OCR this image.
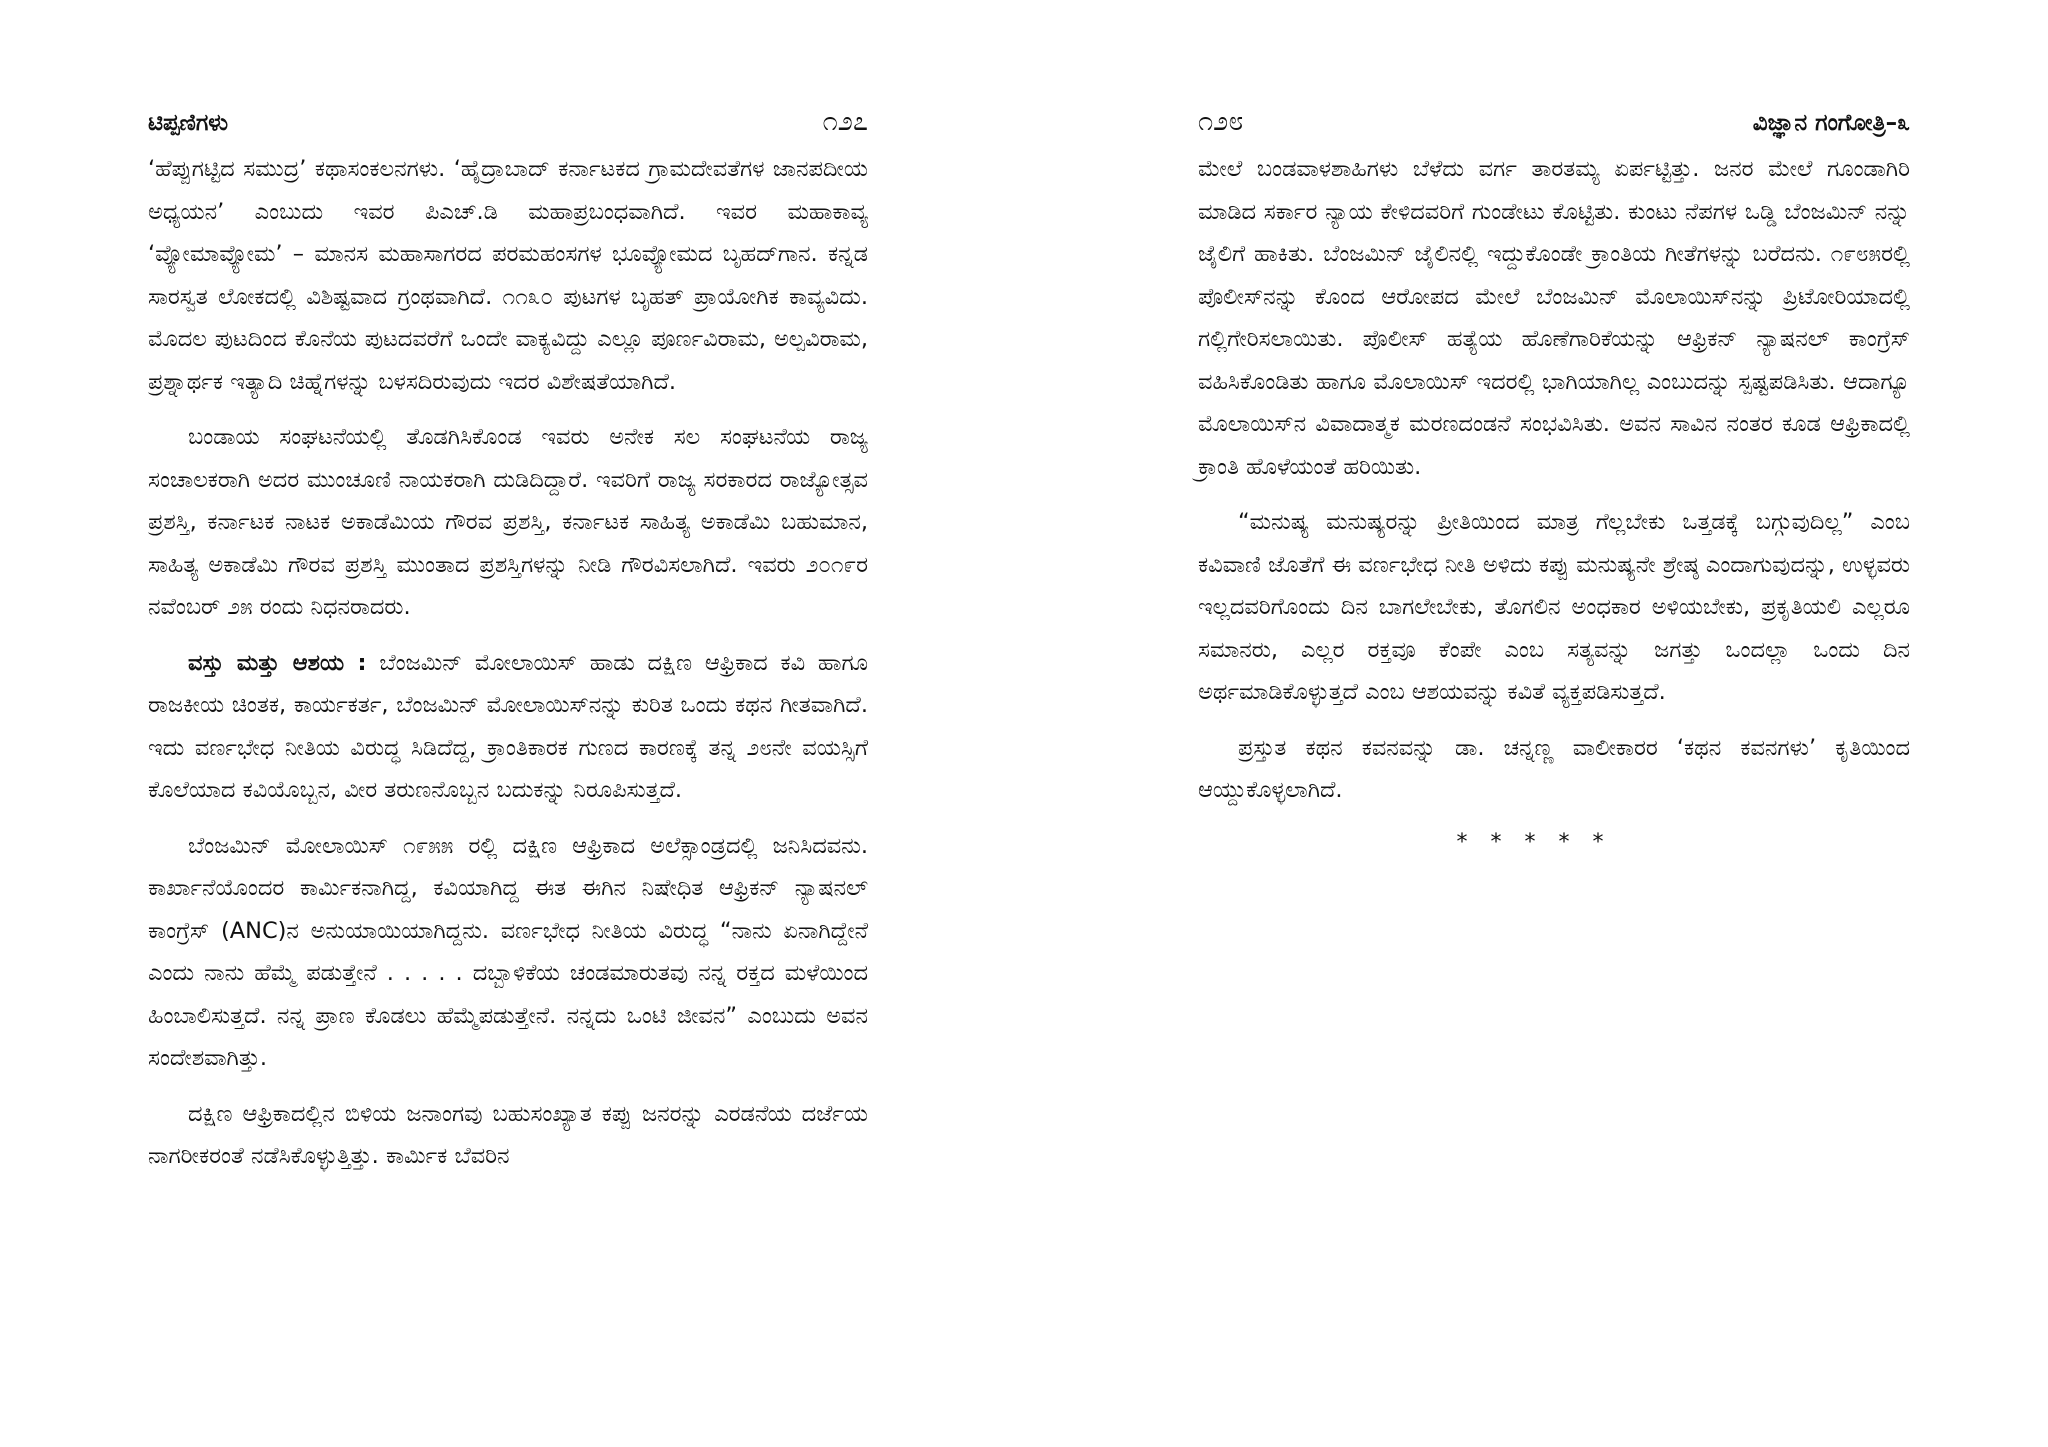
ಟಿಪ್ಪಣಿಗಳು	೧೨೭

‘ಹೆಪ್ಪುಗಟ್ಟಿದ ಸಮುದ್ರ’ ಕಥಾಸಂಕಲನಗಳು. ‘ಹೈದ್ರಾಬಾದ್ ಕರ್ನಾಟಕದ ಗ್ರಾಮದೇವತೆಗಳ ಜಾನಪದೀಯ ಅಧ್ಯಯನ’ ಎಂಬುದು ಇವರ ಪಿಎಚ್.ಡಿ ಮಹಾಪ್ರಬಂಧವಾಗಿದೆ. ಇವರ ಮಹಾಕಾವ್ಯ ‘ವ್ಯೋಮಾವ್ಯೋಮ’ – ಮಾನಸ ಮಹಾಸಾಗರದ ಪರಮಹಂಸಗಳ ಭೂವ್ಯೋಮದ ಬೃಹದ್‌ಗಾನ. ಕನ್ನಡ ಸಾರಸ್ವತ ಲೋಕದಲ್ಲಿ ವಿಶಿಷ್ಟವಾದ ಗ್ರಂಥವಾಗಿದೆ. ೧೧೩೦ ಪುಟಗಳ ಬೃಹತ್ ಪ್ರಾಯೋಗಿಕ ಕಾವ್ಯವಿದು. ಮೊದಲ ಪುಟದಿಂದ ಕೊನೆಯ ಪುಟದವರೆಗೆ ಒಂದೇ ವಾಕ್ಯವಿದ್ದು ಎಲ್ಲೂ ಪೂರ್ಣವಿರಾಮ, ಅಲ್ಪವಿರಾಮ, ಪ್ರಶ್ನಾರ್ಥಕ ಇತ್ಯಾದಿ ಚಿಹ್ನೆಗಳನ್ನು ಬಳಸದಿರುವುದು ಇದರ ವಿಶೇಷತೆಯಾಗಿದೆ.

ಬಂಡಾಯ ಸಂಘಟನೆಯಲ್ಲಿ ತೊಡಗಿಸಿಕೊಂಡ ಇವರು ಅನೇಕ ಸಲ ಸಂಘಟನೆಯ ರಾಜ್ಯ ಸಂಚಾಲಕರಾಗಿ ಅದರ ಮುಂಚೂಣಿ ನಾಯಕರಾಗಿ ದುಡಿದಿದ್ದಾರೆ. ಇವರಿಗೆ ರಾಜ್ಯ ಸರಕಾರದ ರಾಜ್ಯೋತ್ಸವ ಪ್ರಶಸ್ತಿ, ಕರ್ನಾಟಕ ನಾಟಕ ಅಕಾಡೆಮಿಯ ಗೌರವ ಪ್ರಶಸ್ತಿ, ಕರ್ನಾಟಕ ಸಾಹಿತ್ಯ ಅಕಾಡೆಮಿ ಬಹುಮಾನ, ಸಾಹಿತ್ಯ ಅಕಾಡೆಮಿ ಗೌರವ ಪ್ರಶಸ್ತಿ ಮುಂತಾದ ಪ್ರಶಸ್ತಿಗಳನ್ನು ನೀಡಿ ಗೌರವಿಸಲಾಗಿದೆ. ಇವರು ೨೦೧೯ರ ನವೆಂಬರ್ ೨೫ ರಂದು ನಿಧನರಾದರು.

ವಸ್ತು ಮತ್ತು ಆಶಯ : ಬೆಂಜಮಿನ್ ಮೋಲಾಯಿಸ್ ಹಾಡು ದಕ್ಷಿಣ ಆಫ್ರಿಕಾದ ಕವಿ ಹಾಗೂ ರಾಜಕೀಯ ಚಿಂತಕ, ಕಾರ್ಯಕರ್ತ, ಬೆಂಜಮಿನ್ ಮೋಲಾಯಿಸ್‌ನನ್ನು ಕುರಿತ ಒಂದು ಕಥನ ಗೀತವಾಗಿದೆ. ಇದು ವರ್ಣಭೇಧ ನೀತಿಯ ವಿರುದ್ಧ ಸಿಡಿದೆದ್ದ, ಕ್ರಾಂತಿಕಾರಕ ಗುಣದ ಕಾರಣಕ್ಕೆ ತನ್ನ ೨೮ನೇ ವಯಸ್ಸಿಗೆ ಕೊಲೆಯಾದ ಕವಿಯೊಬ್ಬನ, ವೀರ ತರುಣನೊಬ್ಬನ ಬದುಕನ್ನು ನಿರೂಪಿಸುತ್ತದೆ.

ಬೆಂಜಮಿನ್ ಮೋಲಾಯಿಸ್ ೧೯೫೫ ರಲ್ಲಿ ದಕ್ಷಿಣ ಆಫ್ರಿಕಾದ ಅಲೆಕ್ಸಾಂಡ್ರದಲ್ಲಿ ಜನಿಸಿದವನು. ಕಾರ್ಖಾನೆಯೊಂದರ ಕಾರ್ಮಿಕನಾಗಿದ್ದ, ಕವಿಯಾಗಿದ್ದ ಈತ ಈಗಿನ ನಿಷೇಧಿತ ಆಫ್ರಿಕನ್ ನ್ಯಾಷನಲ್ ಕಾಂಗ್ರೆಸ್ (ANC)ನ ಅನುಯಾಯಿಯಾಗಿದ್ದನು. ವರ್ಣಭೇಧ ನೀತಿಯ ವಿರುದ್ಧ “ನಾನು ಏನಾಗಿದ್ದೇನೆ ಎಂದು ನಾನು ಹೆಮ್ಮೆ ಪಡುತ್ತೇನೆ . . . . . ದಬ್ಬಾಳಿಕೆಯ ಚಂಡಮಾರುತವು ನನ್ನ ರಕ್ತದ ಮಳೆಯಿಂದ ಹಿಂಬಾಲಿಸುತ್ತದೆ. ನನ್ನ ಪ್ರಾಣ ಕೊಡಲು ಹೆಮ್ಮೆಪಡುತ್ತೇನೆ. ನನ್ನದು ಒಂಟಿ ಜೀವನ” ಎಂಬುದು ಅವನ ಸಂದೇಶವಾಗಿತ್ತು.

ದಕ್ಷಿಣ ಆಫ್ರಿಕಾದಲ್ಲಿನ ಬಿಳಿಯ ಜನಾಂಗವು ಬಹುಸಂಖ್ಯಾತ ಕಪ್ಪು ಜನರನ್ನು ಎರಡನೆಯ ದರ್ಜೆಯ ನಾಗರೀಕರಂತೆ ನಡೆಸಿಕೊಳ್ಳುತ್ತಿತ್ತು. ಕಾರ್ಮಿಕ ಬೆವರಿನ

೧೨೮	ವಿಜ್ಞಾನ ಗಂಗೋತ್ರಿ–೩

ಮೇಲೆ ಬಂಡವಾಳಶಾಹಿಗಳು ಬೆಳೆದು ವರ್ಗ ತಾರತಮ್ಯ ಏರ್ಪಟ್ಟಿತ್ತು. ಜನರ ಮೇಲೆ ಗೂಂಡಾಗಿರಿ ಮಾಡಿದ ಸರ್ಕಾರ ನ್ಯಾಯ ಕೇಳಿದವರಿಗೆ ಗುಂಡೇಟು ಕೊಟ್ಟಿತು. ಕುಂಟು ನೆಪಗಳ ಒಡ್ಡಿ ಬೆಂಜಮಿನ್ ನನ್ನು ಜೈಲಿಗೆ ಹಾಕಿತು. ಬೆಂಜಮಿನ್ ಜೈಲಿನಲ್ಲಿ ಇದ್ದುಕೊಂಡೇ ಕ್ರಾಂತಿಯ ಗೀತೆಗಳನ್ನು ಬರೆದನು. ೧೯೮೫ರಲ್ಲಿ ಪೊಲೀಸ್‌ನನ್ನು ಕೊಂದ ಆರೋಪದ ಮೇಲೆ ಬೆಂಜಮಿನ್ ಮೊಲಾಯಿಸ್‌ನನ್ನು ಪ್ರಿಟೋರಿಯಾದಲ್ಲಿ ಗಲ್ಲಿಗೇರಿಸಲಾಯಿತು. ಪೊಲೀಸ್ ಹತ್ಯೆಯ ಹೊಣೆಗಾರಿಕೆಯನ್ನು ಆಫ್ರಿಕನ್ ನ್ಯಾಷನಲ್ ಕಾಂಗ್ರೆಸ್ ವಹಿಸಿಕೊಂಡಿತು ಹಾಗೂ ಮೊಲಾಯಿಸ್ ಇದರಲ್ಲಿ ಭಾಗಿಯಾಗಿಲ್ಲ ಎಂಬುದನ್ನು ಸ್ಪಷ್ಟಪಡಿಸಿತು. ಆದಾಗ್ಯೂ ಮೊಲಾಯಿಸ್‌ನ ವಿವಾದಾತ್ಮಕ ಮರಣದಂಡನೆ ಸಂಭವಿಸಿತು. ಅವನ ಸಾವಿನ ನಂತರ ಕೂಡ ಆಫ್ರಿಕಾದಲ್ಲಿ ಕ್ರಾಂತಿ ಹೊಳೆಯಂತೆ ಹರಿಯಿತು.

“ಮನುಷ್ಯ ಮನುಷ್ಯರನ್ನು ಪ್ರೀತಿಯಿಂದ ಮಾತ್ರ ಗೆಲ್ಲಬೇಕು ಒತ್ತಡಕ್ಕೆ ಬಗ್ಗುವುದಿಲ್ಲ” ಎಂಬ ಕವಿವಾಣಿ ಜೊತೆಗೆ ಈ ವರ್ಣಭೇಧ ನೀತಿ ಅಳಿದು ಕಪ್ಪು ಮನುಷ್ಯನೇ ಶ್ರೇಷ್ಠ ಎಂದಾಗುವುದನ್ನು, ಉಳ್ಳವರು ಇಲ್ಲದವರಿಗೊಂದು ದಿನ ಬಾಗಲೇಬೇಕು, ತೊಗಲಿನ ಅಂಧಕಾರ ಅಳಿಯಬೇಕು, ಪ್ರಕೃತಿಯಲಿ ಎಲ್ಲರೂ ಸಮಾನರು, ಎಲ್ಲರ ರಕ್ತವೂ ಕೆಂಪೇ ಎಂಬ ಸತ್ಯವನ್ನು ಜಗತ್ತು ಒಂದಲ್ಲಾ ಒಂದು ದಿನ ಅರ್ಥಮಾಡಿಕೊಳ್ಳುತ್ತದೆ ಎಂಬ ಆಶಯವನ್ನು ಕವಿತೆ ವ್ಯಕ್ತಪಡಿಸುತ್ತದೆ.

ಪ್ರಸ್ತುತ ಕಥನ ಕವನವನ್ನು ಡಾ. ಚನ್ನಣ್ಣ ವಾಲೀಕಾರರ ‘ಕಥನ ಕವನಗಳು’ ಕೃತಿಯಿಂದ ಆಯ್ದುಕೊಳ್ಳಲಾಗಿದೆ.

* * * * *
